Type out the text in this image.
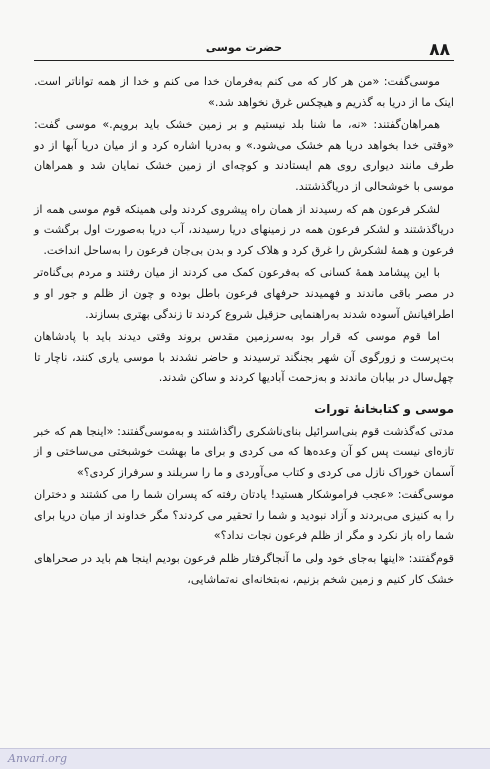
۸۸
حضرت موسی

موسی‌گفت: «من هر کار که می کنم به‌فرمان خدا می کنم و خدا از همه تواناتر است. اینک ما از دریا به‌ گذریم و هیچکس غرق نخواهد شد.»

همراهان‌گفتند: «نه، ما شنا بلد نیستیم و بر زمین خشک باید برویم.» موسی گفت: «وقتی خدا بخواهد دریا هم خشک می‌شود.» و به‌دریا اشاره کرد و از میان دریا آبها از دو طرف مانند دیواری روی هم ایستادند و کوچه‌ای از زمین خشک نمایان شد و همراهان موسی با خوشحالی از دریاگذشتند.

لشکر فرعون هم‌ که رسیدند از همان راه پیشروی کردند ولی همینکه قوم موسی همه از دریاگذشتند و لشکر فرعون همه در زمینهای دریا رسیدند، آب دریا به‌صورت اول برگشت و فرعون و همهٔ لشکرش را غرق کرد و هلاک کرد و بدن بی‌جان فرعون را به‌ساحل انداخت.

با این پیشامد همهٔ کسانی که به‌فرعون کمک می کردند از میان رفتند و مردم بی‌گناه‌تر در مصر باقی ماندند و فهمیدند حرفهای فرعون باطل بوده و چون از ظلم و جور او و اطرافیانش آسوده شدند به‌راهنمایی حزقیل شروع کردند تا زندگی بهتری بسازند.

اما قوم موسی که قرار بود به‌سرزمین مقدس بروند وقتی دیدند باید با پادشاهان بت‌پرست و زورگوی آن شهر بجنگند ترسیدند و حاضر نشدند با موسی یاری کنند، ناچار تا چهل‌سال در بیابان ماندند و به‌زحمت آبادیها کردند و ساکن شدند.

موسی و کتابخانهٔ تورات

مدتی که‌گذشت قوم بنی‌اسرائیل بنای‌ناشکری را‌گذاشتند و به‌موسی‌گفتند: «اینجا هم که خبر تازه‌ای نیست پس کو آن وعده‌ها که می کردی و برای ما بهشت خوشبختی می‌ساختی و از آسمان خوراک نازل می کردی و کتاب می‌آوردی و ما را سربلند و سرفراز کردی؟»

موسی‌گفت: «عجب فراموشکار هستید! یادتان رفته که پسران شما را می کشتند و دختران را به‌ کنیزی می‌بردند و آزاد نبودید و شما را تحقیر می کردند؟ مگر خداوند از میان دریا برای شما راه باز نکرد و مگر از ظلم فرعون نجات نداد؟»

قوم‌گفتند: «اینها به‌جای خود ولی ما آنجا‌گرفتار ظلم فرعون بودیم اینجا هم باید در صحراهای خشک کار کنیم و زمین شخم بزنیم، نه‌بتخانه‌ای نه‌تماشایی،

Anvari.org
